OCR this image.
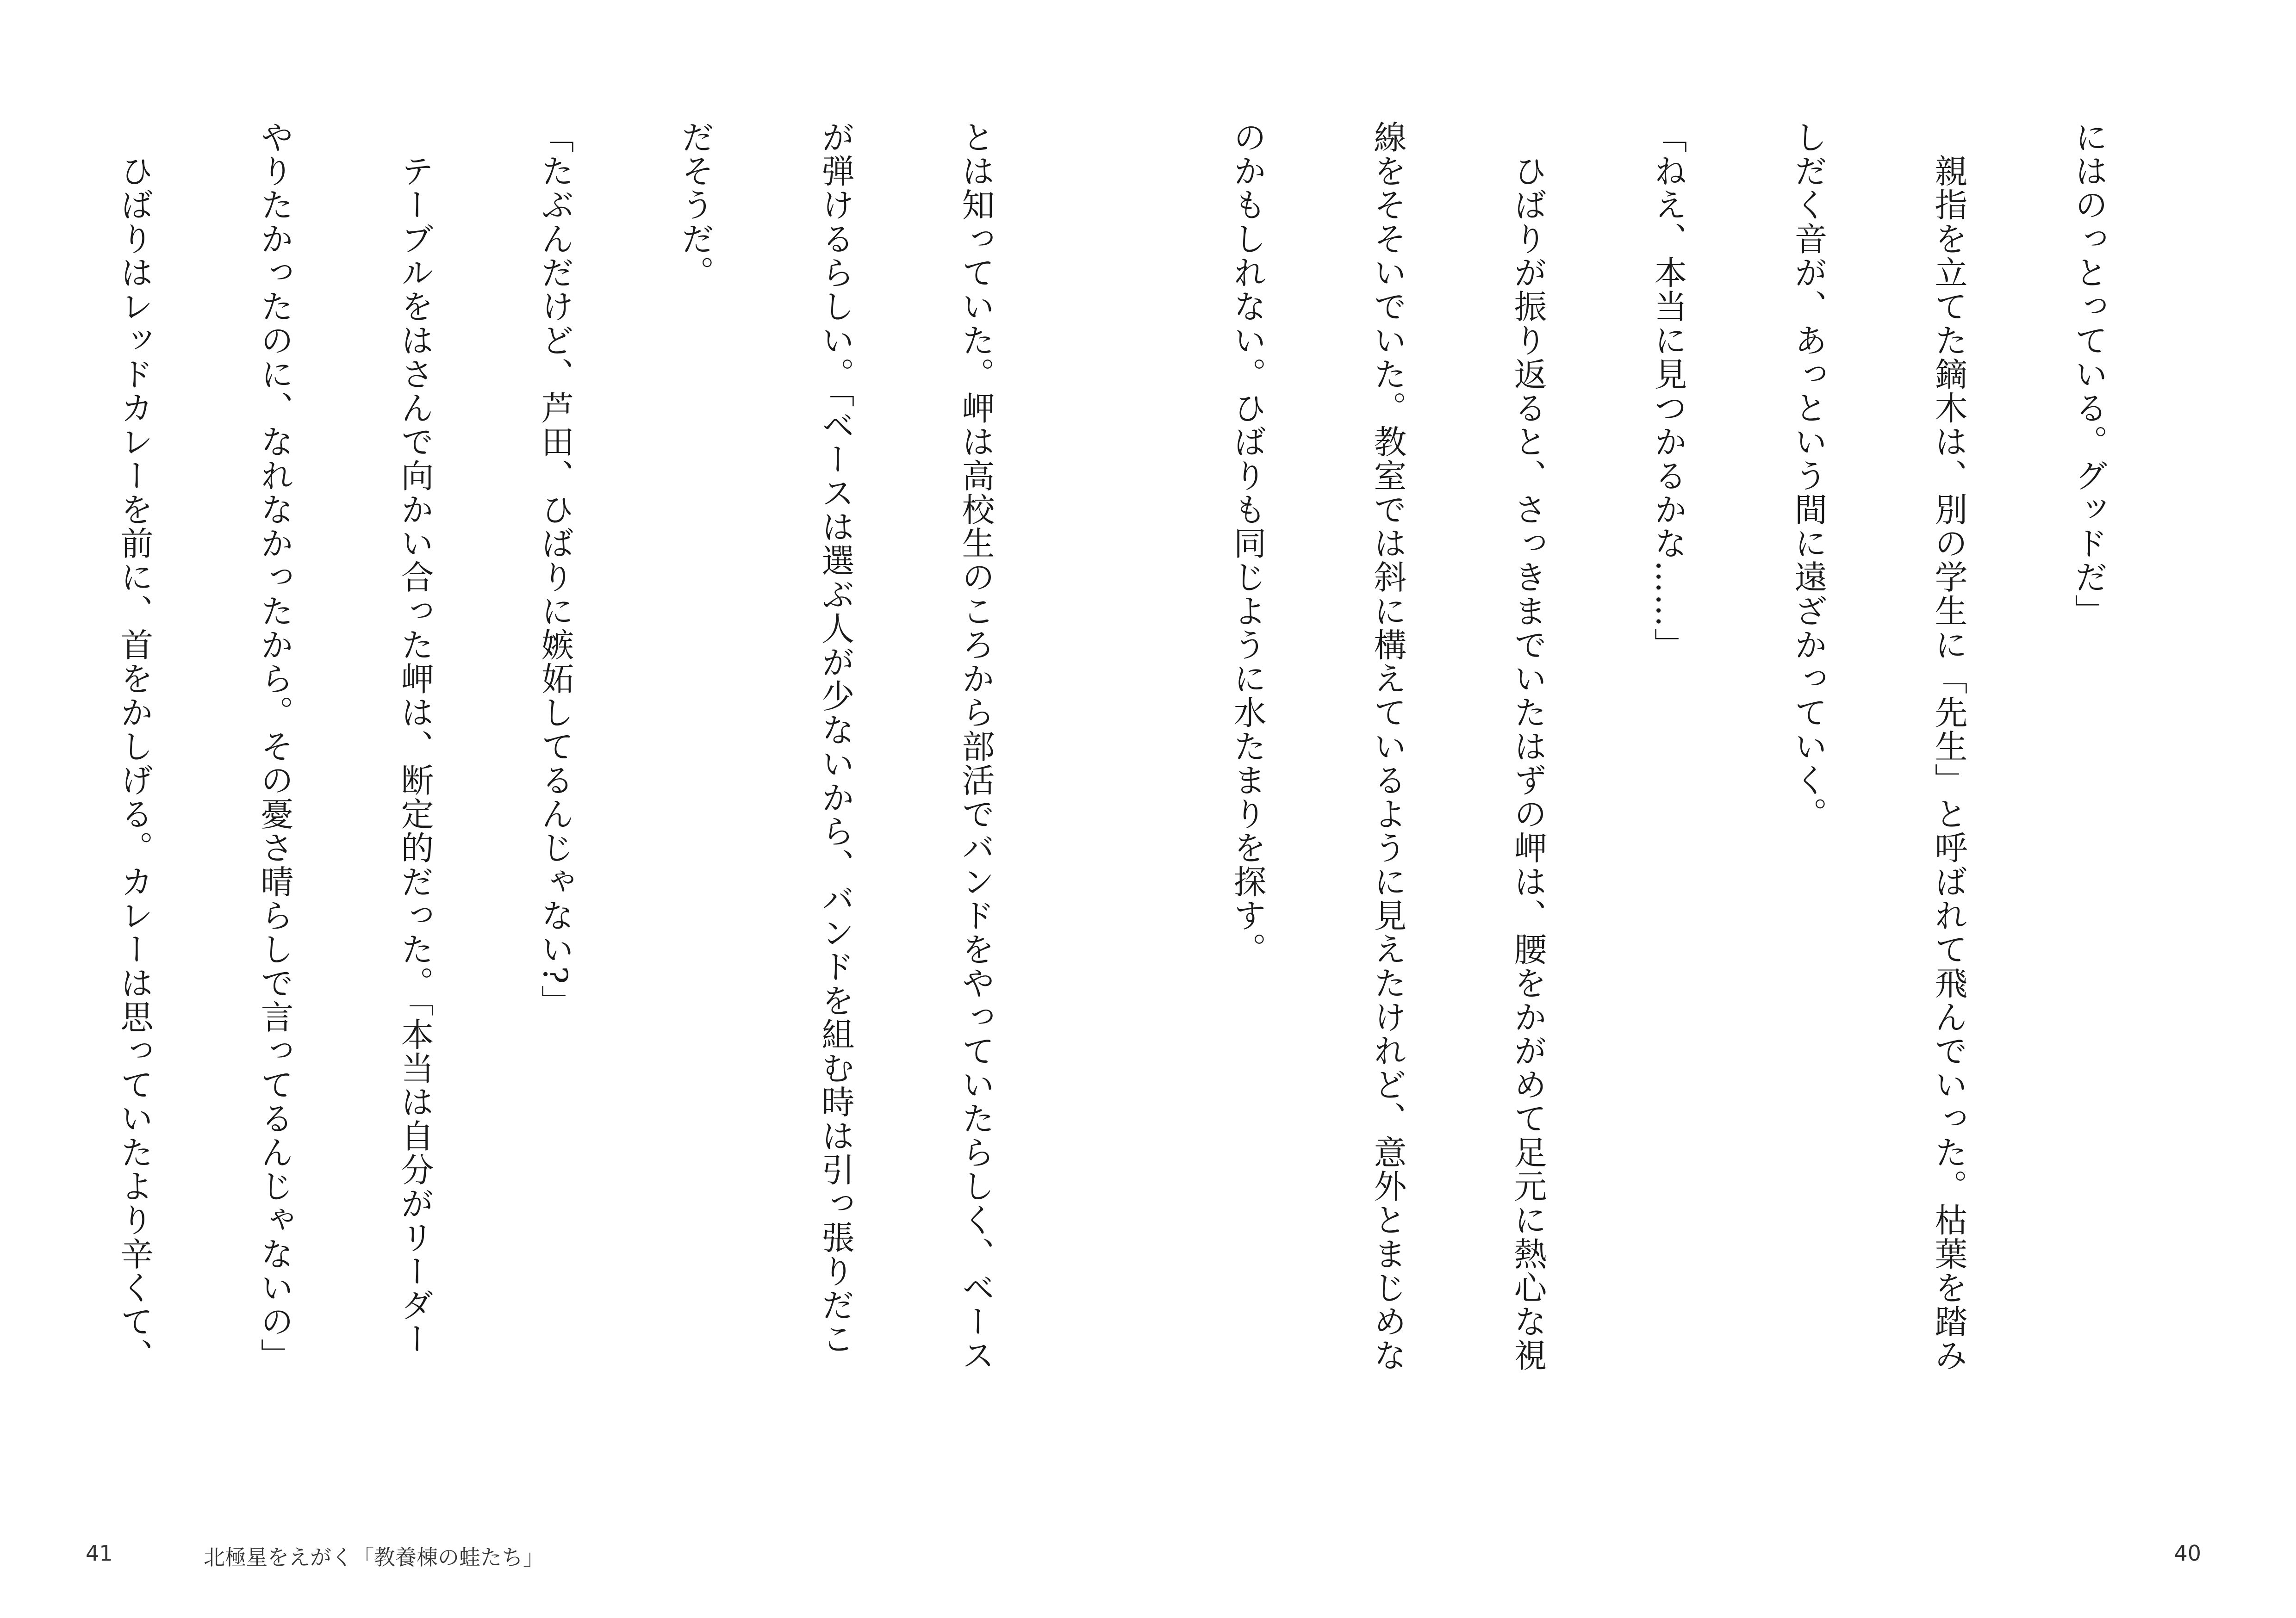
にはのっとっている。グッドだ」

　親指を立てた鏑木は、別の学生に「先生」と呼ばれて飛んでいった。枯葉を踏み

しだく音が、あっという間に遠ざかっていく。

「ねえ、本当に見つかるかな……」

　ひばりが振り返ると、さっきまでいたはずの岬は、腰をかがめて足元に熱心な視

線をそそいでいた。教室では斜に構えているように見えたけれど、意外とまじめな

のかもしれない。ひばりも同じように水たまりを探す。

とは知っていた。岬は高校生のころから部活でバンドをやっていたらしく、ベース

が弾けるらしい。「ベースは選ぶ人が少ないから、バンドを組む時は引っ張りだこ

だそうだ。

「たぶんだけど、芦田、ひばりに嫉妬してるんじゃない?」

　テーブルをはさんで向かい合った岬は、断定的だった。「本当は自分がリーダー

やりたかったのに、なれなかったから。その憂さ晴らしで言ってるんじゃないの」

　ひばりはレッドカレーを前に、首をかしげる。カレーは思っていたより辛くて、

41	北極星をえがく「教養棟の蛙たち」	40
